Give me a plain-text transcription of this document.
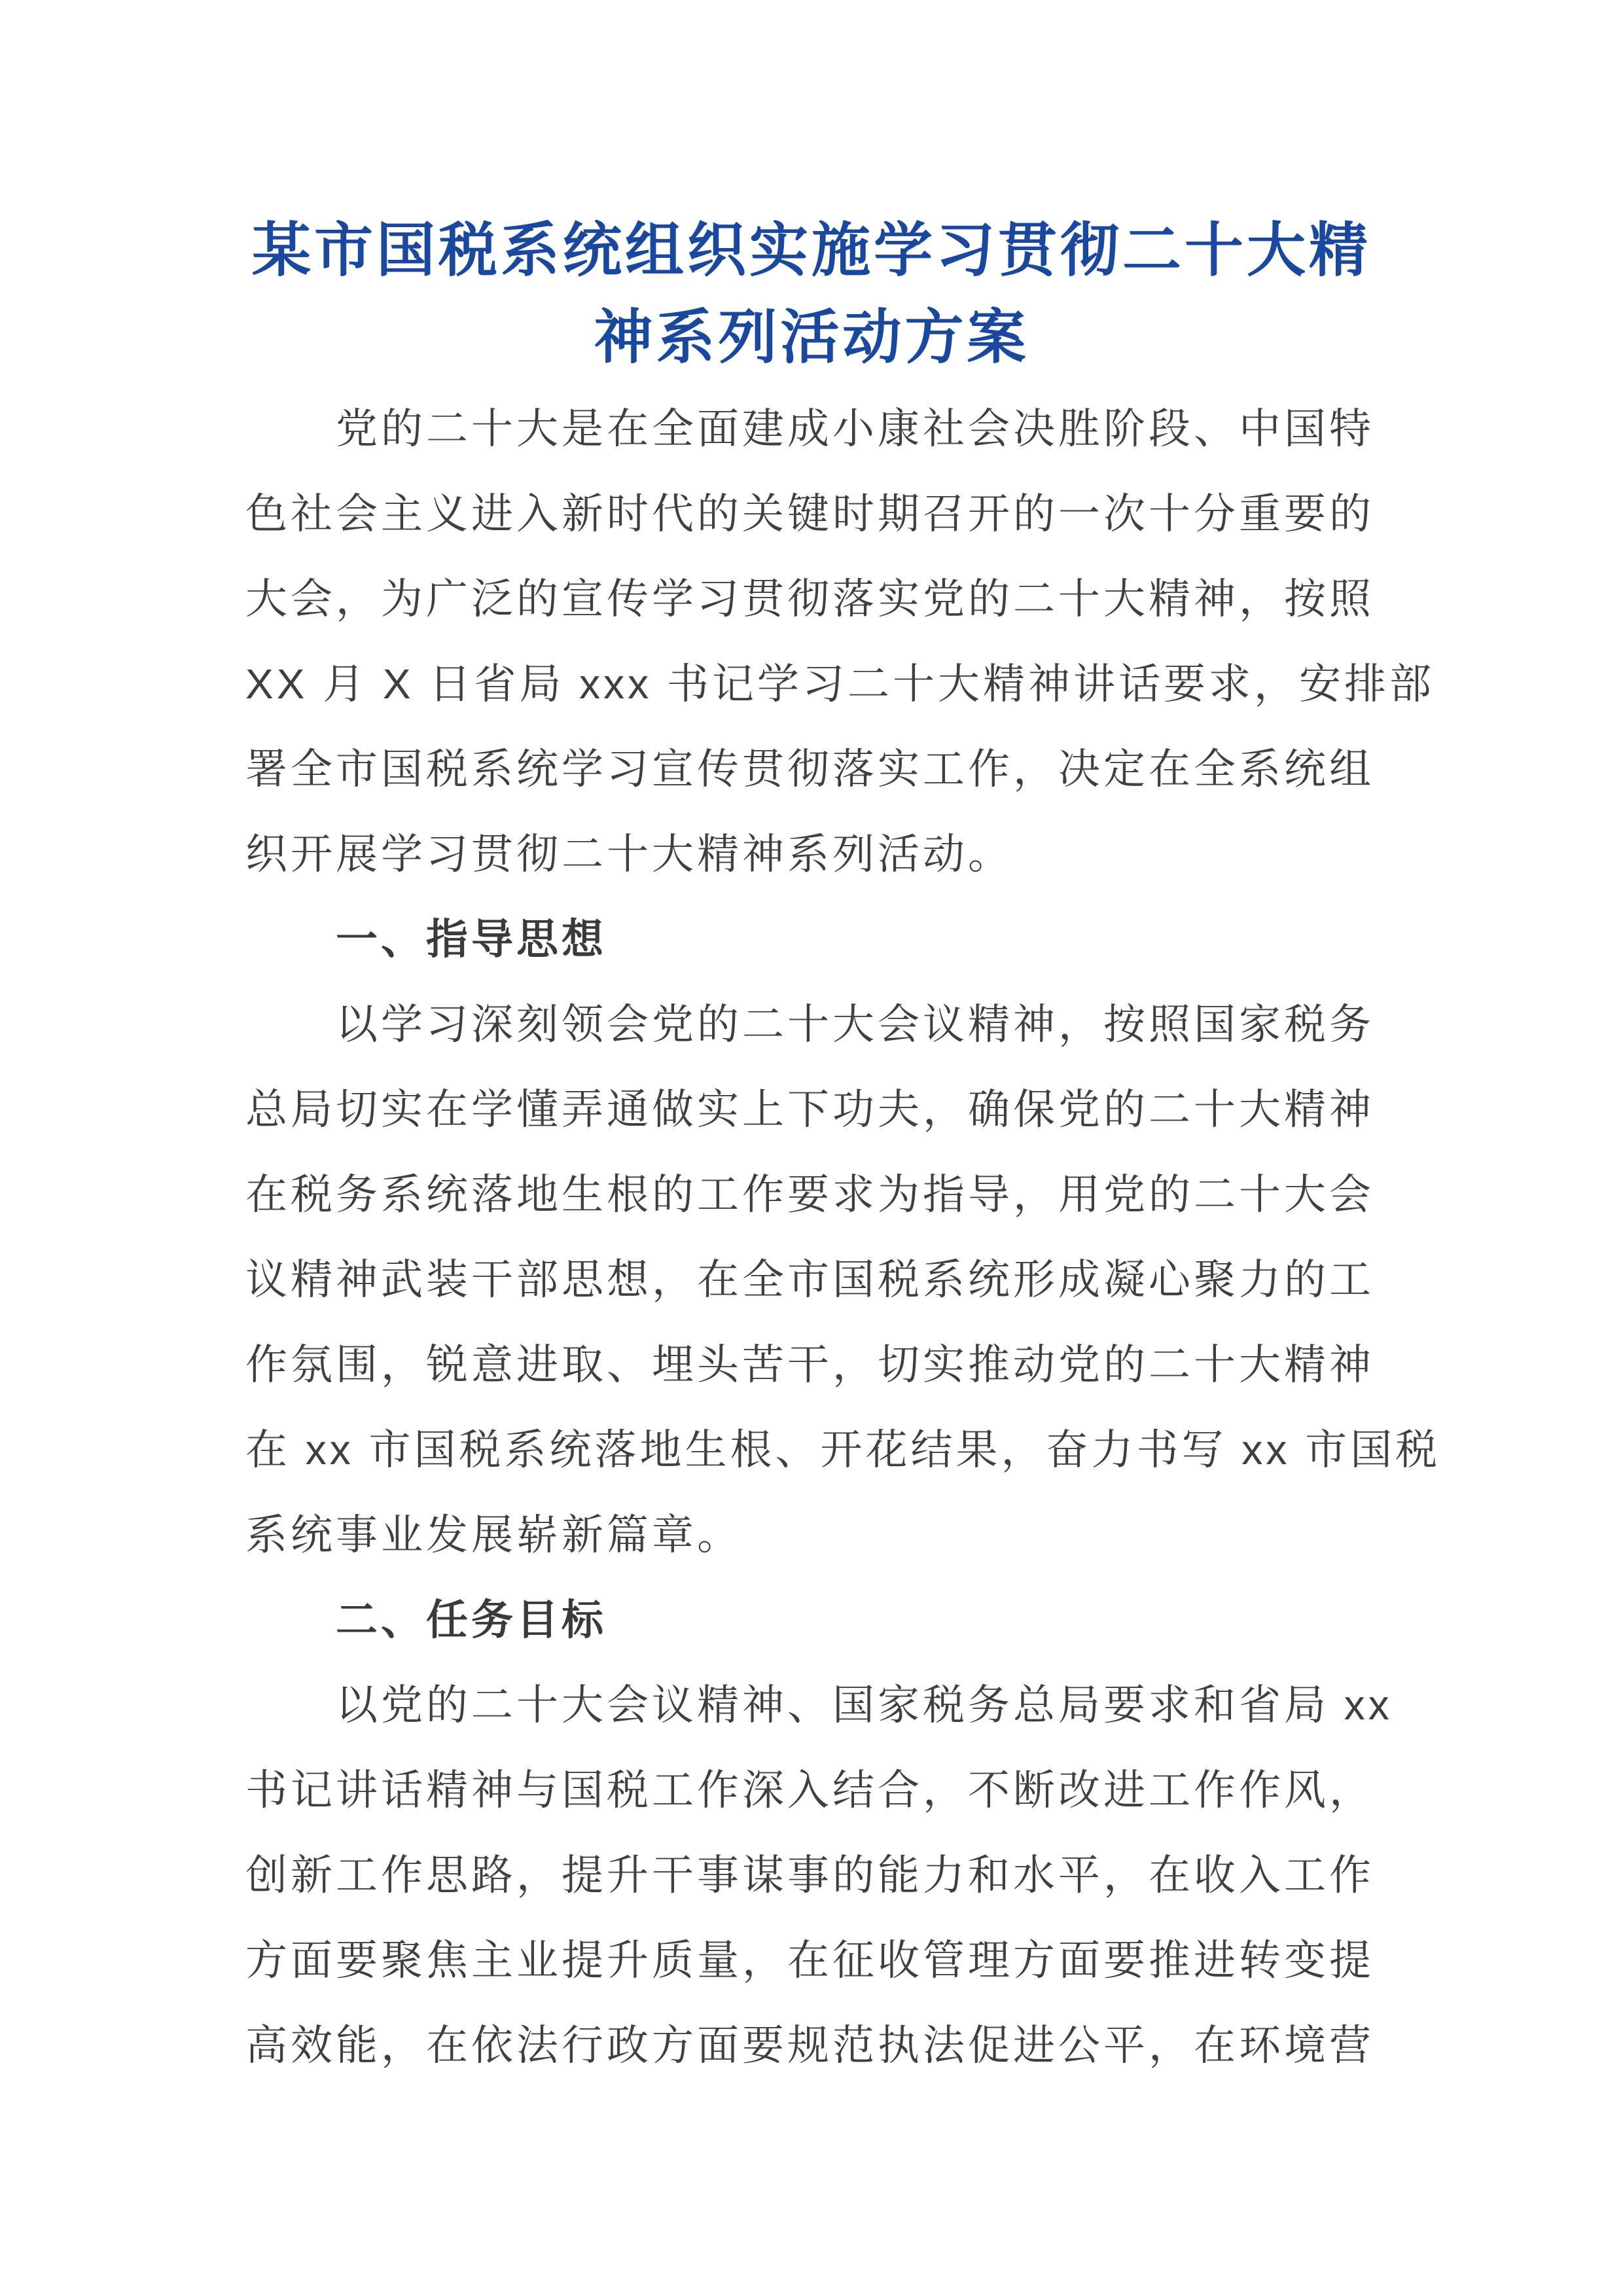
某市国税系统组织实施学习贯彻二十大精
神系列活动方案
党的二十大是在全面建成小康社会决胜阶段、中国特
色社会主义进入新时代的关键时期召开的一次十分重要的
大会，为广泛的宣传学习贯彻落实党的二十大精神，按照
XX 月 X 日省局 xxx 书记学习二十大精神讲话要求，安排部
署全市国税系统学习宣传贯彻落实工作，决定在全系统组
织开展学习贯彻二十大精神系列活动。
一、指导思想
以学习深刻领会党的二十大会议精神，按照国家税务
总局切实在学懂弄通做实上下功夫，确保党的二十大精神
在税务系统落地生根的工作要求为指导，用党的二十大会
议精神武装干部思想，在全市国税系统形成凝心聚力的工
作氛围，锐意进取、埋头苦干，切实推动党的二十大精神
在 xx 市国税系统落地生根、开花结果，奋力书写 xx 市国税
系统事业发展崭新篇章。
二、任务目标
以党的二十大会议精神、国家税务总局要求和省局 xx
书记讲话精神与国税工作深入结合，不断改进工作作风，
创新工作思路，提升干事谋事的能力和水平，在收入工作
方面要聚焦主业提升质量，在征收管理方面要推进转变提
高效能，在依法行政方面要规范执法促进公平，在环境营
